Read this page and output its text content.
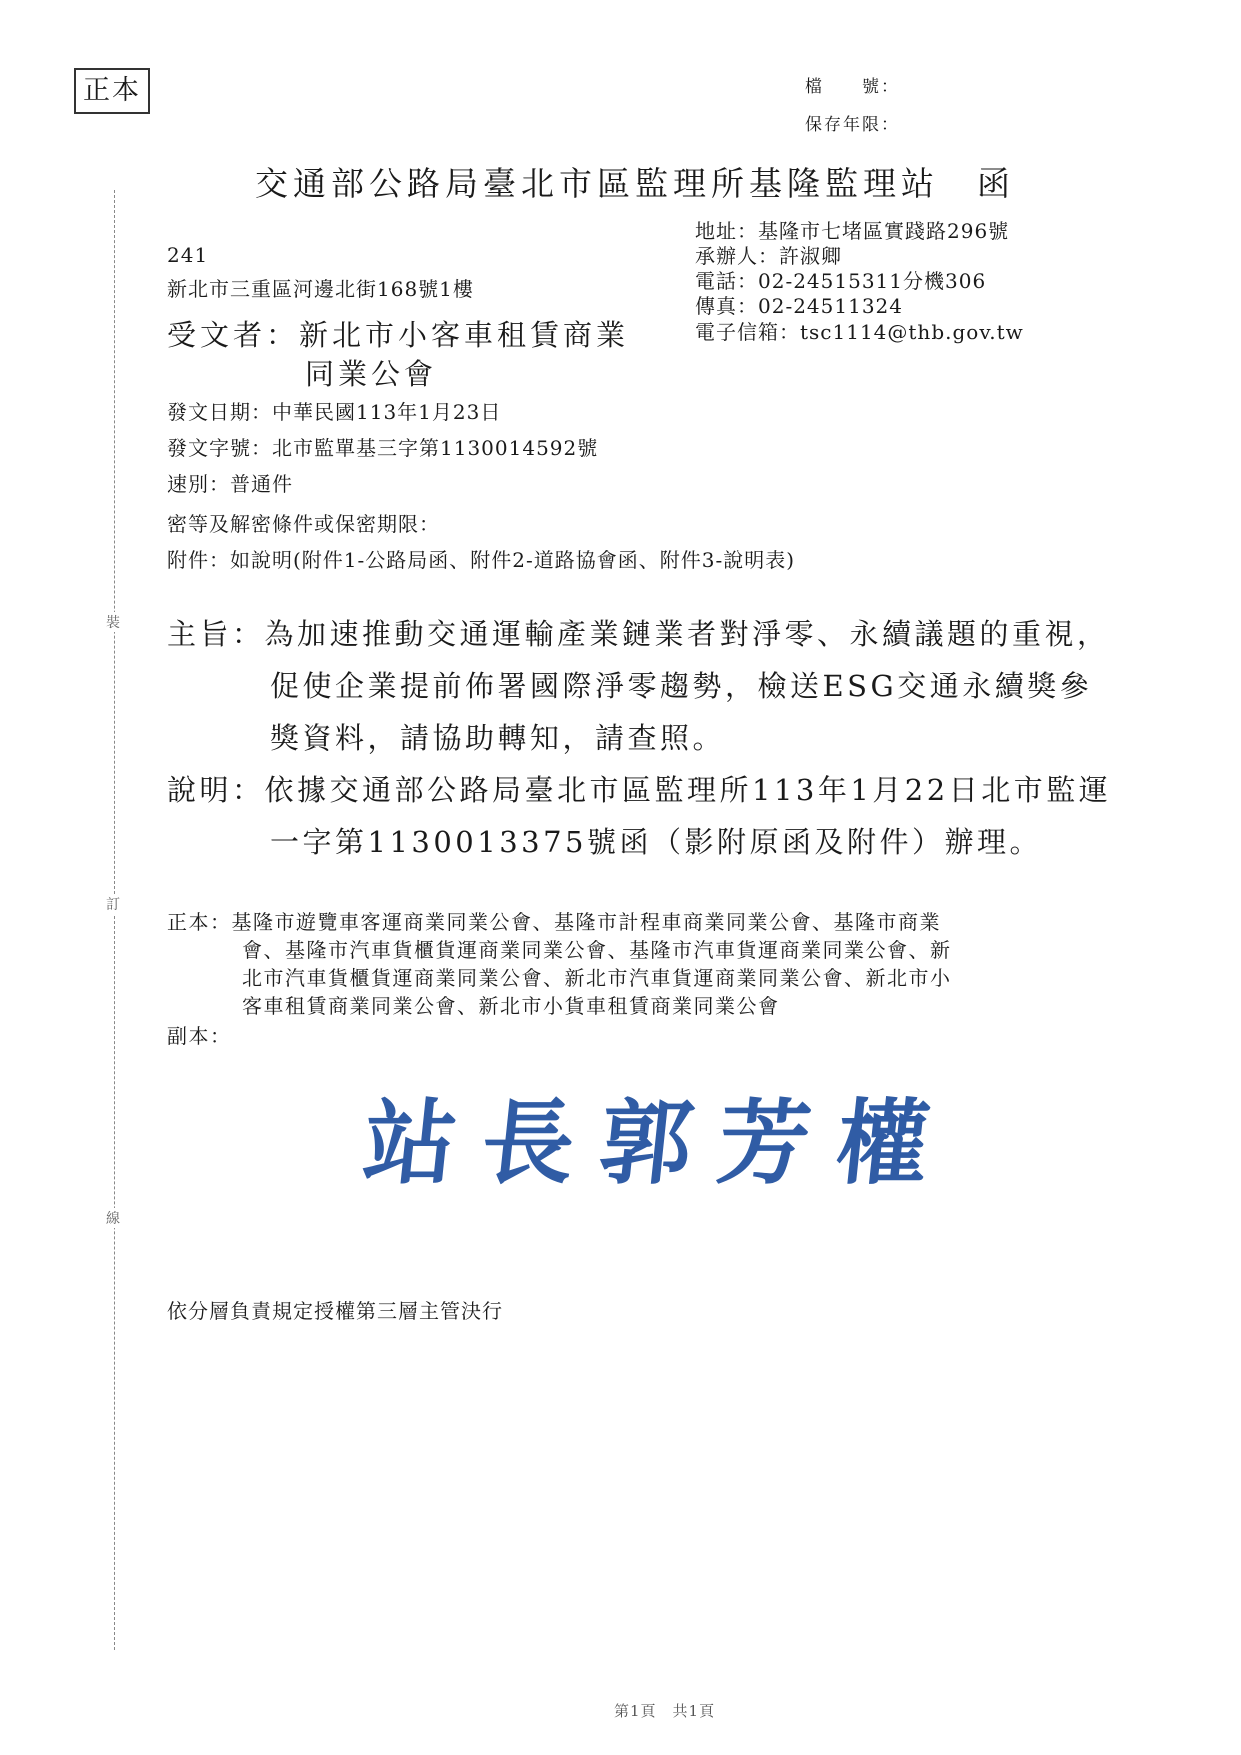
正本	檔　　號：
保存年限：
交通部公路局臺北市區監理所基隆監理站　函
241
新北市三重區河邊北街168號1樓
地址：基隆市七堵區實踐路296號
承辦人：許淑卿
電話：02-24515311分機306
傳真：02-24511324
電子信箱：tsc1114@thb.gov.tw
受文者：新北市小客車租賃商業
同業公會
發文日期：中華民國113年1月23日
發文字號：北市監單基三字第1130014592號
速別：普通件
密等及解密條件或保密期限：
附件：如說明(附件1-公路局函、附件2-道路協會函、附件3-說明表)
主旨：為加速推動交通運輸產業鏈業者對淨零、永續議題的重視，
促使企業提前佈署國際淨零趨勢，檢送ESG交通永續獎參
獎資料，請協助轉知，請查照。
說明：依據交通部公路局臺北市區監理所113年1月22日北市監運
一字第1130013375號函（影附原函及附件）辦理。
正本：基隆市遊覽車客運商業同業公會、基隆市計程車商業同業公會、基隆市商業
會、基隆市汽車貨櫃貨運商業同業公會、基隆市汽車貨運商業同業公會、新
北市汽車貨櫃貨運商業同業公會、新北市汽車貨運商業同業公會、新北市小
客車租賃商業同業公會、新北市小貨車租賃商業同業公會
副本：
站長郭芳權
依分層負責規定授權第三層主管決行
裝
訂
線
第1頁　共1頁
